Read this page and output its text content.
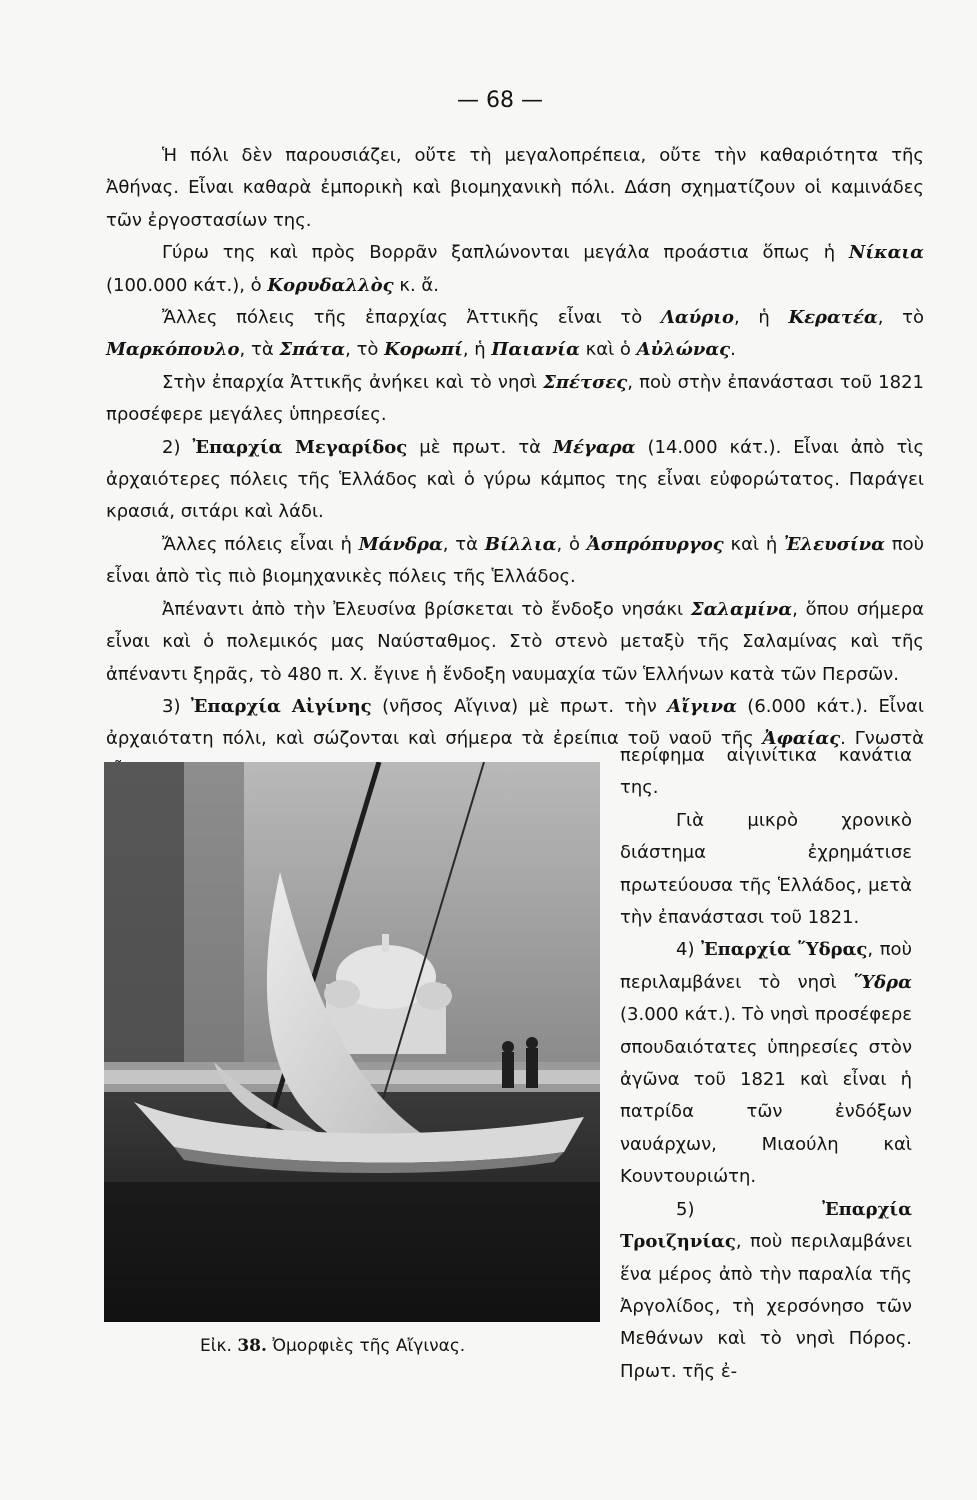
— 68 —

Ἡ πόλι δὲν παρουσιάζει, οὔτε τὴ μεγαλοπρέπεια, οὔτε τὴν καθαριότητα τῆς Ἀθήνας. Εἶναι καθαρὰ ἐμπορικὴ καὶ βιομηχανικὴ πόλι. Δάση σχηματίζουν οἱ καμινάδες τῶν ἐργοστασίων της.

Γύρω της καὶ πρὸς Βορρᾶν ξαπλώνονται μεγάλα προάστια ὅπως ἡ Νίκαια (100.000 κάτ.), ὁ Κορυδαλλὸς κ. ἄ.

Ἄλλες πόλεις τῆς ἐπαρχίας Ἀττικῆς εἶναι τὸ Λαύριο, ἡ Κερατέα, τὸ Μαρκόπουλο, τὰ Σπάτα, τὸ Κορωπί, ἡ Παιανία καὶ ὁ Αὐλώνας.

Στὴν ἐπαρχία Ἀττικῆς ἀνήκει καὶ τὸ νησὶ Σπέτσες, ποὺ στὴν ἐπανάστασι τοῦ 1821 προσέφερε μεγάλες ὑπηρεσίες.

2) Ἐπαρχία Μεγαρίδος μὲ πρωτ. τὰ Μέγαρα (14.000 κάτ.). Εἶναι ἀπὸ τὶς ἀρχαιότερες πόλεις τῆς Ἑλλάδος καὶ ὁ γύρω κάμπος της εἶναι εὐφορώτατος. Παράγει κρασιά, σιτάρι καὶ λάδι.

Ἄλλες πόλεις εἶναι ἡ Μάνδρα, τὰ Βίλλια, ὁ Ἀσπρόπυργος καὶ ἡ Ἐλευσίνα ποὺ εἶναι ἀπὸ τὶς πιὸ βιομηχανικὲς πόλεις τῆς Ἑλλάδος.

Ἀπέναντι ἀπὸ τὴν Ἐλευσίνα βρίσκεται τὸ ἔνδοξο νησάκι Σαλαμίνα, ὅπου σήμερα εἶναι καὶ ὁ πολεμικός μας Ναύσταθμος. Στὸ στενὸ μεταξὺ τῆς Σαλαμίνας καὶ τῆς ἀπέναντι ξηρᾶς, τὸ 480 π. Χ. ἔγινε ἡ ἔνδοξη ναυμαχία τῶν Ἑλλήνων κατὰ τῶν Περσῶν.

3) Ἐπαρχία Αἰγίνης (νῆσος Αἴγινα) μὲ πρωτ. τὴν Αἴγινα (6.000 κάτ.). Εἶναι ἀρχαιότατη πόλι, καὶ σώζονται καὶ σήμερα τὰ ἐρείπια τοῦ ναοῦ τῆς Ἀφαίας. Γνωστὰ

περίφημα αἰγινίτικα κανάτια της.

Γιὰ μικρὸ χρονικὸ διάστημα ἐχρημάτισε πρωτεύουσα τῆς Ἑλλάδος, μετὰ τὴν ἐπανάστασι τοῦ 1821.

4) Ἐπαρχία Ὕδρας, ποὺ περιλαμβάνει τὸ νησὶ Ὕδρα (3.000 κάτ.). Τὸ νησὶ προσέφερε σπουδαιότατες ὑπηρεσίες στὸν ἀγῶνα τοῦ 1821 καὶ εἶναι ἡ πατρίδα τῶν ἐνδόξων ναυάρχων, Μιαούλη καὶ Κουντουριώτη.

5) Ἐπαρχία Τροιζηνίας, ποὺ περιλαμβάνει ἕνα μέρος ἀπὸ τὴν παραλία τῆς Ἀργολίδος, τὴ χερσόνησο τῶν Μεθάνων καὶ τὸ νησὶ Πόρος. Πρωτ. τῆς ἐ-

Εἰκ. 38. Ὀμορφιὲς τῆς Αἴγινας.
